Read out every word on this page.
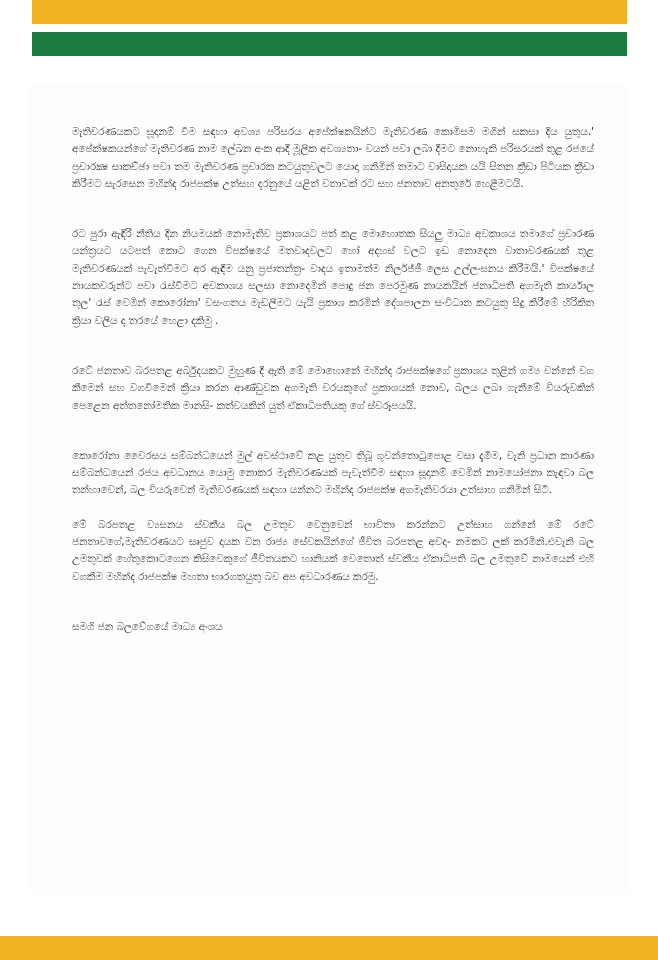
මැතිවරණයකට සූදානම් වීම සඳහා අවශ්‍ය පරිසරය අපේක්ෂකයින්ට මැතිවරණ කොමිසම මගින් සකසා දිය යුතුය.' අපේක්ෂකයන්ගේ මැතිවරණ නාම ලේඛන අංක ආදී මූලික අවශ්‍යතා- වයන් පවා ලබා දීමට නොහැකි පරිසරයක් තුළ රජයේ ප්‍රචාරක්‍ෂ සාකච්ඡා පවා තම මැතිවරණ ප්‍රචාරක කටයුතුවලට යොදා ගනිමින් තමාට වාසිදායක යයි සිතන ක්‍රීඩා පිටියක ක්‍රීඩා කිරීමට සැරසෙන මහින්ද රාජපක්ෂ උත්සහ දරනුයේ යළිත් වතාවක් රට සහ ජනතාව අනතුරේ හෙළීමටයි.

රට පුරා ඇඳිරි නීතිය දින නියමයක් නොමැතිව ප්‍රකාශයට පත් කළ මොහොතක සියලු මාධ්‍ය අවකාශය තමාගේ ප්‍රචාරණ යන්ත්‍රයට යටපත් කොට ගෙන විපක්ෂයේ මතවාදවලට හෝ අදහස් වලට ඉඩ නොදෙන වාතාවරණයක් තුළ මැතිවරණයක් පැවැත්වීමට අර ඇඳීම යනු ප්‍රජාතන්ත්‍ර- වාදය ඉතාමත්ම නිර්ලජ්ජී ලෙස උල්ලංඝනය කිරීමයි.' විපක්ෂයේ නායකවරුන්ට පවා රැස්වීමට අවකාශය සලසා නොදෙමින් පොදු ජන පෙරමුණ නායකයින් ජනාධිපති අගමැති කාර්යාල තුල' රැස් වෙමින් කොරෝනා' වසංගතය මැඩලීමට යැයි ප්‍රකාශ කරමින් දේශපාලන සංවිධාන කටයුතු සිදු කිරීමේ හිරිකිත ක්‍රියා වලිය ද තරයේ හෙළා දකිමු .

රටේ ජනතාව බරපතළ අර්බුදයකට මුහුණ දී ඇති මේ මොහොතේ මහින්ද රාජපක්ෂගේ ප්‍රකාශය තුළින් ගම්‍ය වන්නේ වග කීමෙන් සහ වගවීමෙන් ක්‍රියා කරන ආණ්ඩුවක අගමැති වරයකුගේ ප්‍රකාශයක් නොව, බලය ලබා ගැනීමේ වියරුවකින් පෙළෙන අත්තනෝමතික මානසි- කත්වයකින් යුත් ඒකාධිපතියකු ගේ ස්වරූපයයි.

කොරෝනා වෛරසය සම්බන්ධයෙන් මුල් අවස්ථාවේ කළ යුතුව තිබූ ගුවන්තොටුපොළ වසා දැමීම, වැනි ප්‍රධාන කාරණා සම්බන්ධයෙන් රජය අවධානය යොමු නොකර මැතිවරණයක් පැවැත්වීම සඳහා සූදානම් වෙමින් නාමයෝජනා කැඳවා බල තන්හාවෙන්, බල වියරුවෙන් මැතිවරණයක් සඳහා යන්නට මහින්ද රාජපක්ෂ අගමැතිවරයා උත්සාහ ගනිමින් සිටී.

මේ බරපතළ ව්‍යසනය ස්වකීය බල උමතුව වෙනුවෙන් භාවිතා කරන්නට උත්සාහ ගන්නේ මේ රටේ ජනතාවගේ,මැතිවරණයට සෘජුව දායක වන රාජ්‍ය සේවකයින්ගේ ජීවිත බරපතළ අවදා- නමකට ලක් කරමිනි.එවැනි බල උමතුවක් හේතුකොටගෙන කිසිවෙකුගේ ජීවිතයකට හානියක් වෙතොත් ස්වකීය ඒකාධිපති බල උමතුවේ නාමයෙන් එහි වගකීම මහින්ද රාජපක්ෂ මහතා භාරගතයුතු බව අප අවධාරණය කරමු.

සමගි ජන බලවේගයේ මාධ්‍ය අංශය
